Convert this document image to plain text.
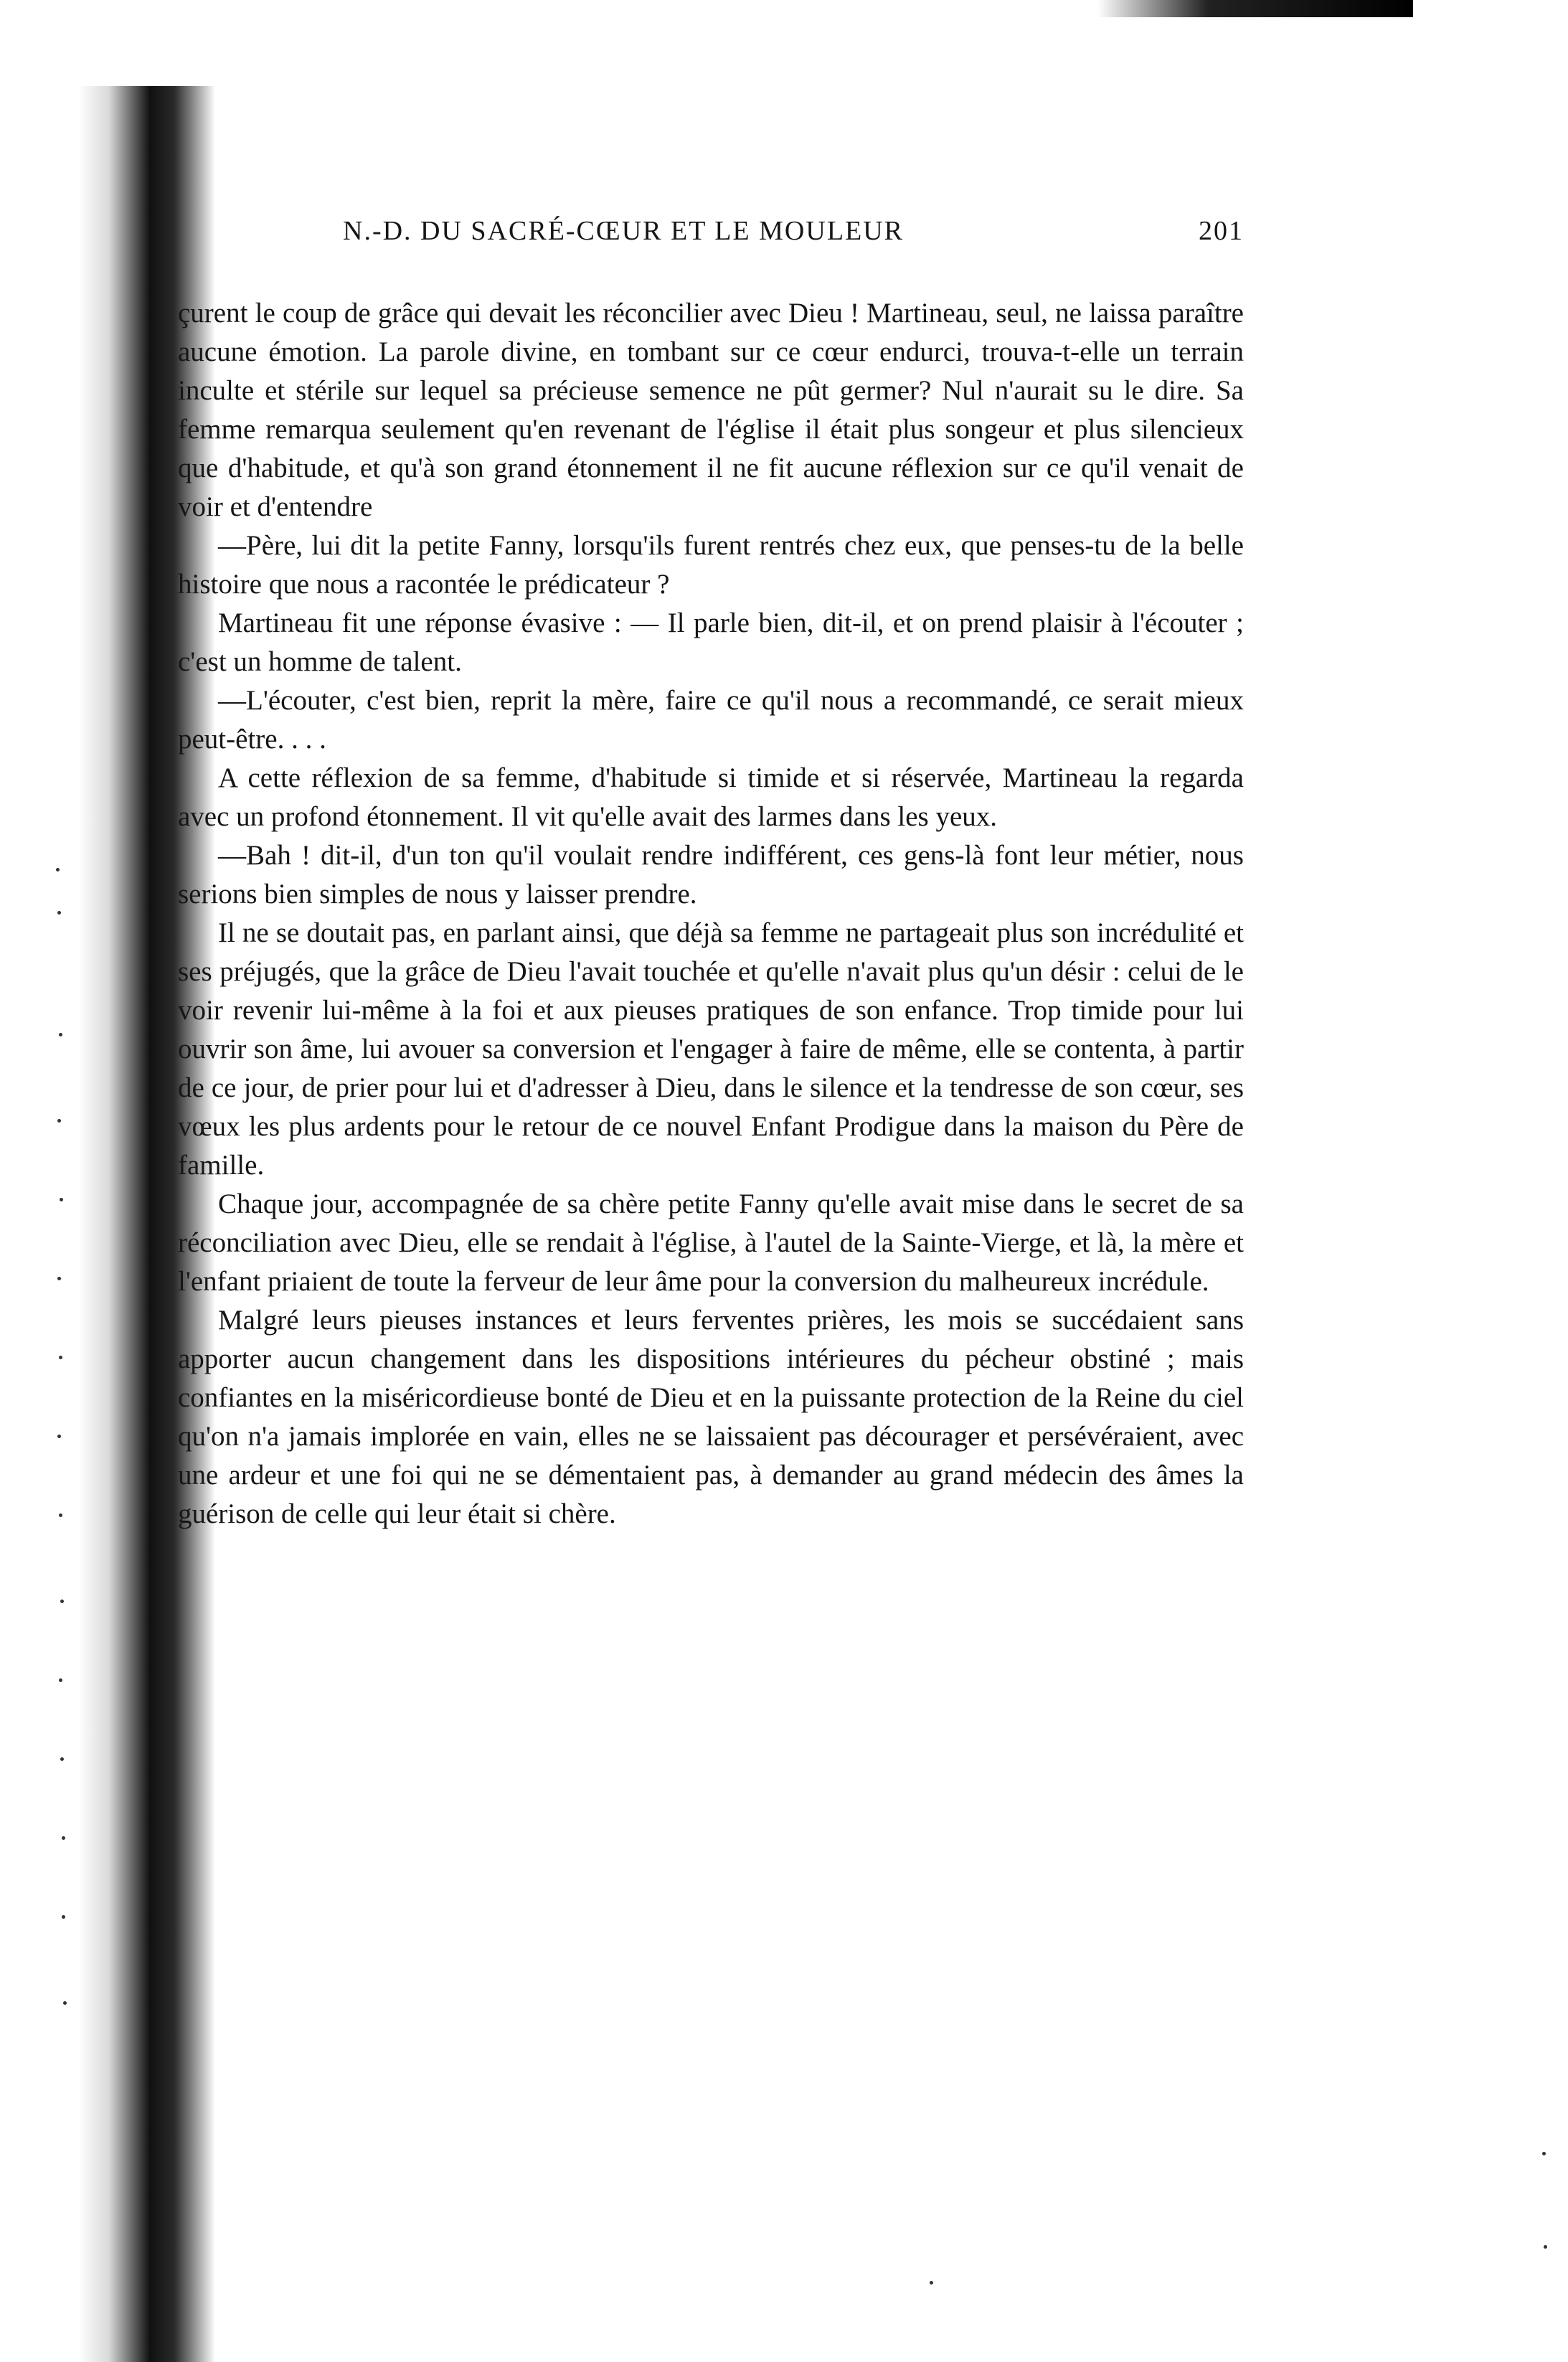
N.-D. DU SACRÉ-CŒUR ET LE MOULEUR	201

çurent le coup de grâce qui devait les réconcilier avec Dieu ! Martineau, seul, ne laissa paraître aucune émotion. La parole divine, en tombant sur ce cœur endurci, trouva-t-elle un terrain inculte et stérile sur lequel sa précieuse semence ne pût germer? Nul n'aurait su le dire. Sa femme remarqua seulement qu'en revenant de l'église il était plus songeur et plus silencieux que d'habitude, et qu'à son grand étonnement il ne fit aucune réflexion sur ce qu'il venait de voir et d'entendre

—Père, lui dit la petite Fanny, lorsqu'ils furent rentrés chez eux, que penses-tu de la belle histoire que nous a racontée le prédicateur ?

Martineau fit une réponse évasive : — Il parle bien, dit-il, et on prend plaisir à l'écouter ; c'est un homme de talent.

—L'écouter, c'est bien, reprit la mère, faire ce qu'il nous a recommandé, ce serait mieux peut-être. . . .

A cette réflexion de sa femme, d'habitude si timide et si réservée, Martineau la regarda avec un profond étonnement. Il vit qu'elle avait des larmes dans les yeux.

—Bah ! dit-il, d'un ton qu'il voulait rendre indifférent, ces gens-là font leur métier, nous serions bien simples de nous y laisser prendre.

Il ne se doutait pas, en parlant ainsi, que déjà sa femme ne partageait plus son incrédulité et ses préjugés, que la grâce de Dieu l'avait touchée et qu'elle n'avait plus qu'un désir : celui de le voir revenir lui-même à la foi et aux pieuses pratiques de son enfance. Trop timide pour lui ouvrir son âme, lui avouer sa conversion et l'engager à faire de même, elle se contenta, à partir de ce jour, de prier pour lui et d'adresser à Dieu, dans le silence et la tendresse de son cœur, ses vœux les plus ardents pour le retour de ce nouvel Enfant Prodigue dans la maison du Père de famille.

Chaque jour, accompagnée de sa chère petite Fanny qu'elle avait mise dans le secret de sa réconciliation avec Dieu, elle se rendait à l'église, à l'autel de la Sainte-Vierge, et là, la mère et l'enfant priaient de toute la ferveur de leur âme pour la conversion du malheureux incrédule.

Malgré leurs pieuses instances et leurs ferventes prières, les mois se succédaient sans apporter aucun changement dans les dispositions intérieures du pécheur obstiné ; mais confiantes en la miséricordieuse bonté de Dieu et en la puissante protection de la Reine du ciel qu'on n'a jamais implorée en vain, elles ne se laissaient pas décourager et persévéraient, avec une ardeur et une foi qui ne se démentaient pas, à demander au grand médecin des âmes la guérison de celle qui leur était si chère.
